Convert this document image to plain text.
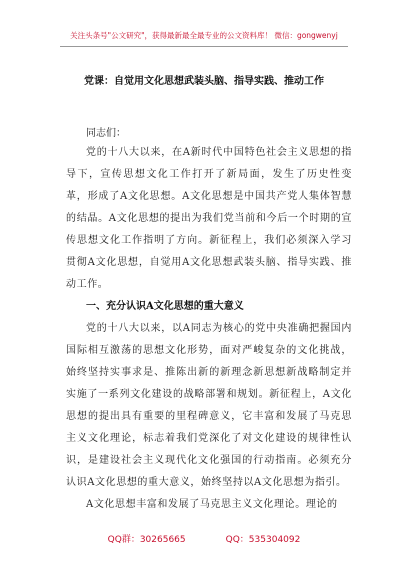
关注头条号"公文研究"，获得最新最全最专业的公文资料库！ 微信：gongwenyj
党课：自觉用文化思想武装头脑、指导实践、推动工作
同志们：

党的十八大以来，在A新时代中国特色社会主义思想的指导下，宣传思想文化工作打开了新局面，发生了历史性变革，形成了A文化思想。A文化思想是中国共产党人集体智慧的结晶。A文化思想的提出为我们党当前和今后一个时期的宣传思想文化工作指明了方向。新征程上，我们必须深入学习贯彻A文化思想，自觉用A文化思想武装头脑、指导实践、推动工作。

一、充分认识A文化思想的重大意义

党的十八大以来，以A同志为核心的党中央准确把握国内国际相互激荡的思想文化形势，面对严峻复杂的文化挑战，始终坚持实事求是、推陈出新的新理念新思想新战略制定并实施了一系列文化建设的战略部署和规划。新征程上，A文化思想的提出具有重要的里程碑意义，它丰富和发展了马克思主义文化理论，标志着我们党深化了对文化建设的规律性认识，是建设社会主义现代化文化强国的行动指南。必须充分认识A文化思想的重大意义，始终坚持以A文化思想为指引。

A文化思想丰富和发展了马克思主义文化理论。理论的

QQ群：30265665	QQ：535304092
